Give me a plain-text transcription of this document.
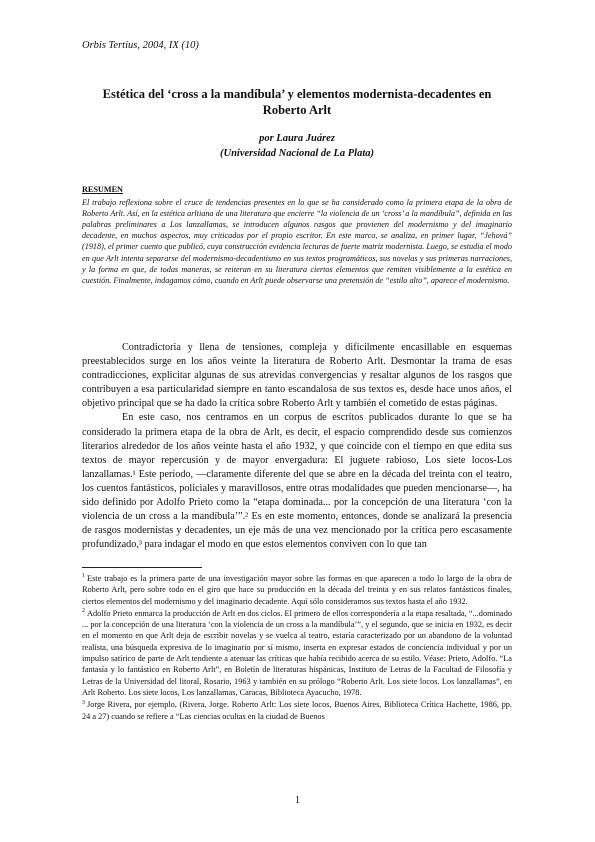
Orbis Tertius, 2004, IX (10)
Estética del ‘cross a la mandíbula’ y elementos modernista-decadentes en Roberto Arlt
por Laura Juárez
(Universidad Nacional de La Plata)
RESUMEN

El trabajo reflexiona sobre el cruce de tendencias presentes en lo que se ha considerado como la primera etapa de la obra de Roberto Arlt. Así, en la estética arltiana de una literatura que encierre “la violencia de un ‘cross’ a la mandíbula”, definida en las palabras preliminares a Los lanzallamas, se introducen algunos rasgos que provienen del modernismo y del imaginario decadente, en muchos aspectos, muy criticados por el propio escritor. En este marco, se analiza, en primer lugar, “Jehová” (1918), el primer cuento que publicó, cuya construcción evidencia lecturas de fuerte matriz modernista. Luego, se estudia el modo en que Arlt intenta separarse del modernismo-decadentismo en sus textos programáticos, sus novelas y sus primeras narraciones, y la forma en que, de todas maneras, se reiteran en su literatura ciertos elementos que remiten visiblemente a la estética en cuestión. Finalmente, indagamos cómo, cuando en Arlt puede observarse una pretensión de “estilo alto”, aparece el modernismo.

Contradictoria y llena de tensiones, compleja y difícilmente encasillable en esquemas preestablecidos surge en los años veinte la literatura de Roberto Arlt. Desmontar la trama de esas contradicciones, explicitar algunas de sus atrevidas convergencias y resaltar algunos de los rasgos que contribuyen a esa particularidad siempre en tanto escandalosa de sus textos es, desde hace unos años, el objetivo principal que se ha dado la crítica sobre Roberto Arlt y también el cometido de estas páginas.

En este caso, nos centramos en un corpus de escritos publicados durante lo que se ha considerado la primera etapa de la obra de Arlt, es decir, el espacio comprendido desde sus comienzos literarios alrededor de los años veinte hasta el año 1932, y que coincide con el tiempo en que edita sus textos de mayor repercusión y de mayor envergadura: El juguete rabioso, Los siete locos-Los lanzallamas.¹ Este período, —claramente diferente del que se abre en la década del treinta con el teatro, los cuentos fantásticos, policiales y maravillosos, entre otras modalidades que pueden mencionarse—, ha sido definido por Adolfo Prieto como la “etapa dominada... por la concepción de una literatura ‘con la violencia de un cross a la mandíbula’”.² Es en este momento, entonces, donde se analizará la presencia de rasgos modernistas y decadentes, un eje más de una vez mencionado por la crítica pero escasamente profundizado,³ para indagar el modo en que estos elementos conviven con lo que tan

$^1$ Este trabajo es la primera parte de una investigación mayor sobre las formas en que aparecen a todo lo largo de la obra de Roberto Arlt, pero sobre todo en el giro que hace su producción en la década del treinta y en sus relatos fantásticos finales, ciertos elementos del modernismo y del imaginario decadente. Aquí sólo consideramos sus textos hasta el año 1932.

$^2$ Adolfo Prieto enmarca la producción de Arlt en dos ciclos. El primero de ellos correspondería a la etapa resaltada, “...dominado ... por la concepción de una literatura ‘con la violencia de un cross a la mandíbula’”, y el segundo, que se inicia en 1932, es decir en el momento en que Arlt deja de escribir novelas y se vuelca al teatro, estaría caracterizado por un abandono de la voluntad realista, una búsqueda expresiva de lo imaginario por sí mismo, inserta en expresar estados de conciencia individual y por un impulso satírico de parte de Arlt tendiente a atenuar las críticas que había recibido acerca de su estilo. Véase: Prieto, Adolfo. “La fantasía y lo fantástico en Roberto Arlt”, en Boletín de literaturas hispánicas, Instituto de Letras de la Facultad de Filosofía y Letras de la Universidad del litoral, Rosario, 1963 y también en su prólogo “Roberto Arlt. Los siete locos. Los lanzallamas”, en Arlt Roberto. Los siete locos, Los lanzallamas, Caracas, Biblioteca Ayacucho, 1978.

$^3$ Jorge Rivera, por ejemplo, (Rivera, Jorge. Roberto Arlt: Los siete locos, Buenos Aires, Biblioteca Crítica Hachette, 1986, pp. 24 a 27) cuando se refiere a “Las ciencias ocultas en la ciudad de Buenos

1
